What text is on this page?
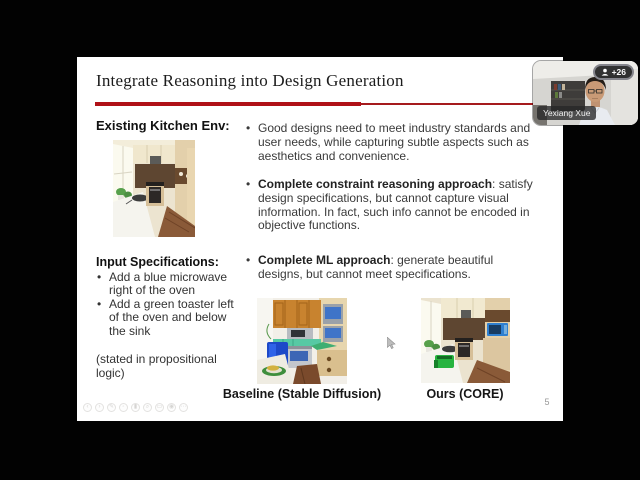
Integrate Reasoning into Design Generation
Existing Kitchen Env:
Input Specifications:
• Add a blue microwave right of the oven
• Add a green toaster left of the oven and below the sink
(stated in propositional logic)
• Good designs need to meet industry standards and user needs, while capturing subtle aspects such as aesthetics and convenience.
• Complete constraint reasoning approach: satisfy design specifications, but cannot capture visual information. In fact, such info cannot be encoded in objective functions.
• Complete ML approach: generate beautiful designs, but cannot meet specifications.
Baseline (Stable Diffusion)	Ours (CORE)
5
‹	›	✎	◦	▮	⌕	▭	◉	⋯
Yexiang Xue
+26
